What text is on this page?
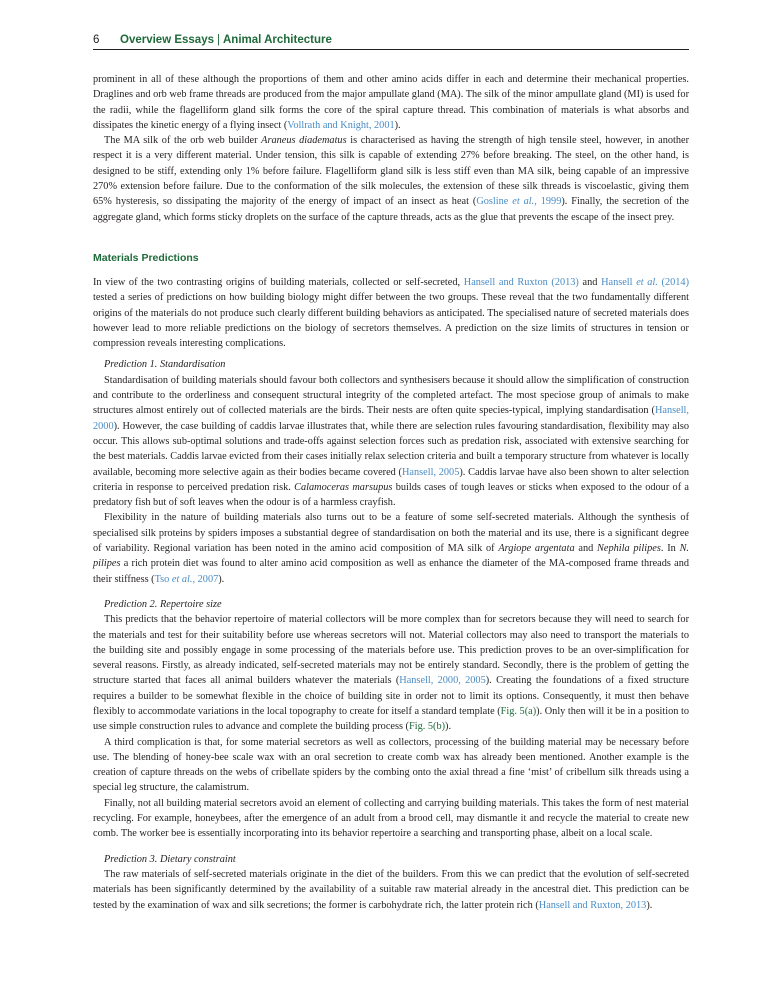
6 Overview Essays | Animal Architecture

prominent in all of these although the proportions of them and other amino acids differ in each and determine their mechanical properties. Draglines and orb web frame threads are produced from the major ampullate gland (MA). The silk of the minor ampullate gland (MI) is used for the radii, while the flagelliform gland silk forms the core of the spiral capture thread. This combination of materials is what absorbs and dissipates the kinetic energy of a flying insect (Vollrath and Knight, 2001).

The MA silk of the orb web builder Araneus diadematus is characterised as having the strength of high tensile steel, however, in another respect it is a very different material. Under tension, this silk is capable of extending 27% before breaking. The steel, on the other hand, is designed to be stiff, extending only 1% before failure. Flagelliform gland silk is less stiff even than MA silk, being capable of an impressive 270% extension before failure. Due to the conformation of the silk molecules, the extension of these silk threads is viscoelastic, giving them 65% hysteresis, so dissipating the majority of the energy of impact of an insect as heat (Gosline et al., 1999). Finally, the secretion of the aggregate gland, which forms sticky droplets on the surface of the capture threads, acts as the glue that prevents the escape of the insect prey.

Materials Predictions

In view of the two contrasting origins of building materials, collected or self-secreted, Hansell and Ruxton (2013) and Hansell et al. (2014) tested a series of predictions on how building biology might differ between the two groups. These reveal that the two fundamentally different origins of the materials do not produce such clearly different building behaviors as anticipated. The specialised nature of secreted materials does however lead to more reliable predictions on the biology of secretors themselves. A prediction on the size limits of structures in tension or compression reveals interesting complications.

Prediction 1. Standardisation

Standardisation of building materials should favour both collectors and synthesisers because it should allow the simplification of construction and contribute to the orderliness and consequent structural integrity of the completed artefact. The most speciose group of animals to make structures almost entirely out of collected materials are the birds. Their nests are often quite species-typical, implying standardisation (Hansell, 2000). However, the case building of caddis larvae illustrates that, while there are selection rules favouring standardisation, flexibility may also occur. This allows sub-optimal solutions and trade-offs against selection forces such as predation risk, associated with extensive searching for the best materials. Caddis larvae evicted from their cases initially relax selection criteria and built a temporary structure from whatever is locally available, becoming more selective again as their bodies became covered (Hansell, 2005). Caddis larvae have also been shown to alter selection criteria in response to perceived predation risk. Calamoceras marsupus builds cases of tough leaves or sticks when exposed to the odour of a predatory fish but of soft leaves when the odour is of a harmless crayfish.

Flexibility in the nature of building materials also turns out to be a feature of some self-secreted materials. Although the synthesis of specialised silk proteins by spiders imposes a substantial degree of standardisation on both the material and its use, there is a significant degree of variability. Regional variation has been noted in the amino acid composition of MA silk of Argiope argentata and Nephila pilipes. In N. pilipes a rich protein diet was found to alter amino acid composition as well as enhance the diameter of the MA-composed frame threads and their stiffness (Tso et al., 2007).

Prediction 2. Repertoire size

This predicts that the behavior repertoire of material collectors will be more complex than for secretors because they will need to search for the materials and test for their suitability before use whereas secretors will not. Material collectors may also need to transport the materials to the building site and possibly engage in some processing of the materials before use. This prediction proves to be an over-simplification for several reasons. Firstly, as already indicated, self-secreted materials may not be entirely standard. Secondly, there is the problem of getting the structure started that faces all animal builders whatever the materials (Hansell, 2000, 2005). Creating the foundations of a fixed structure requires a builder to be somewhat flexible in the choice of building site in order not to limit its options. Consequently, it must then behave flexibly to accommodate variations in the local topography to create for itself a standard template (Fig. 5(a)). Only then will it be in a position to use simple construction rules to advance and complete the building process (Fig. 5(b)).

A third complication is that, for some material secretors as well as collectors, processing of the building material may be necessary before use. The blending of honey-bee scale wax with an oral secretion to create comb wax has already been mentioned. Another example is the creation of capture threads on the webs of cribellate spiders by the combing onto the axial thread a fine ‘mist’ of cribellum silk threads using a special leg structure, the calamistrum.

Finally, not all building material secretors avoid an element of collecting and carrying building materials. This takes the form of nest material recycling. For example, honeybees, after the emergence of an adult from a brood cell, may dismantle it and recycle the material to create new comb. The worker bee is essentially incorporating into its behavior repertoire a searching and transporting phase, albeit on a local scale.

Prediction 3. Dietary constraint

The raw materials of self-secreted materials originate in the diet of the builders. From this we can predict that the evolution of self-secreted materials has been significantly determined by the availability of a suitable raw material already in the ancestral diet. This prediction can be tested by the examination of wax and silk secretions; the former is carbohydrate rich, the latter protein rich (Hansell and Ruxton, 2013).
